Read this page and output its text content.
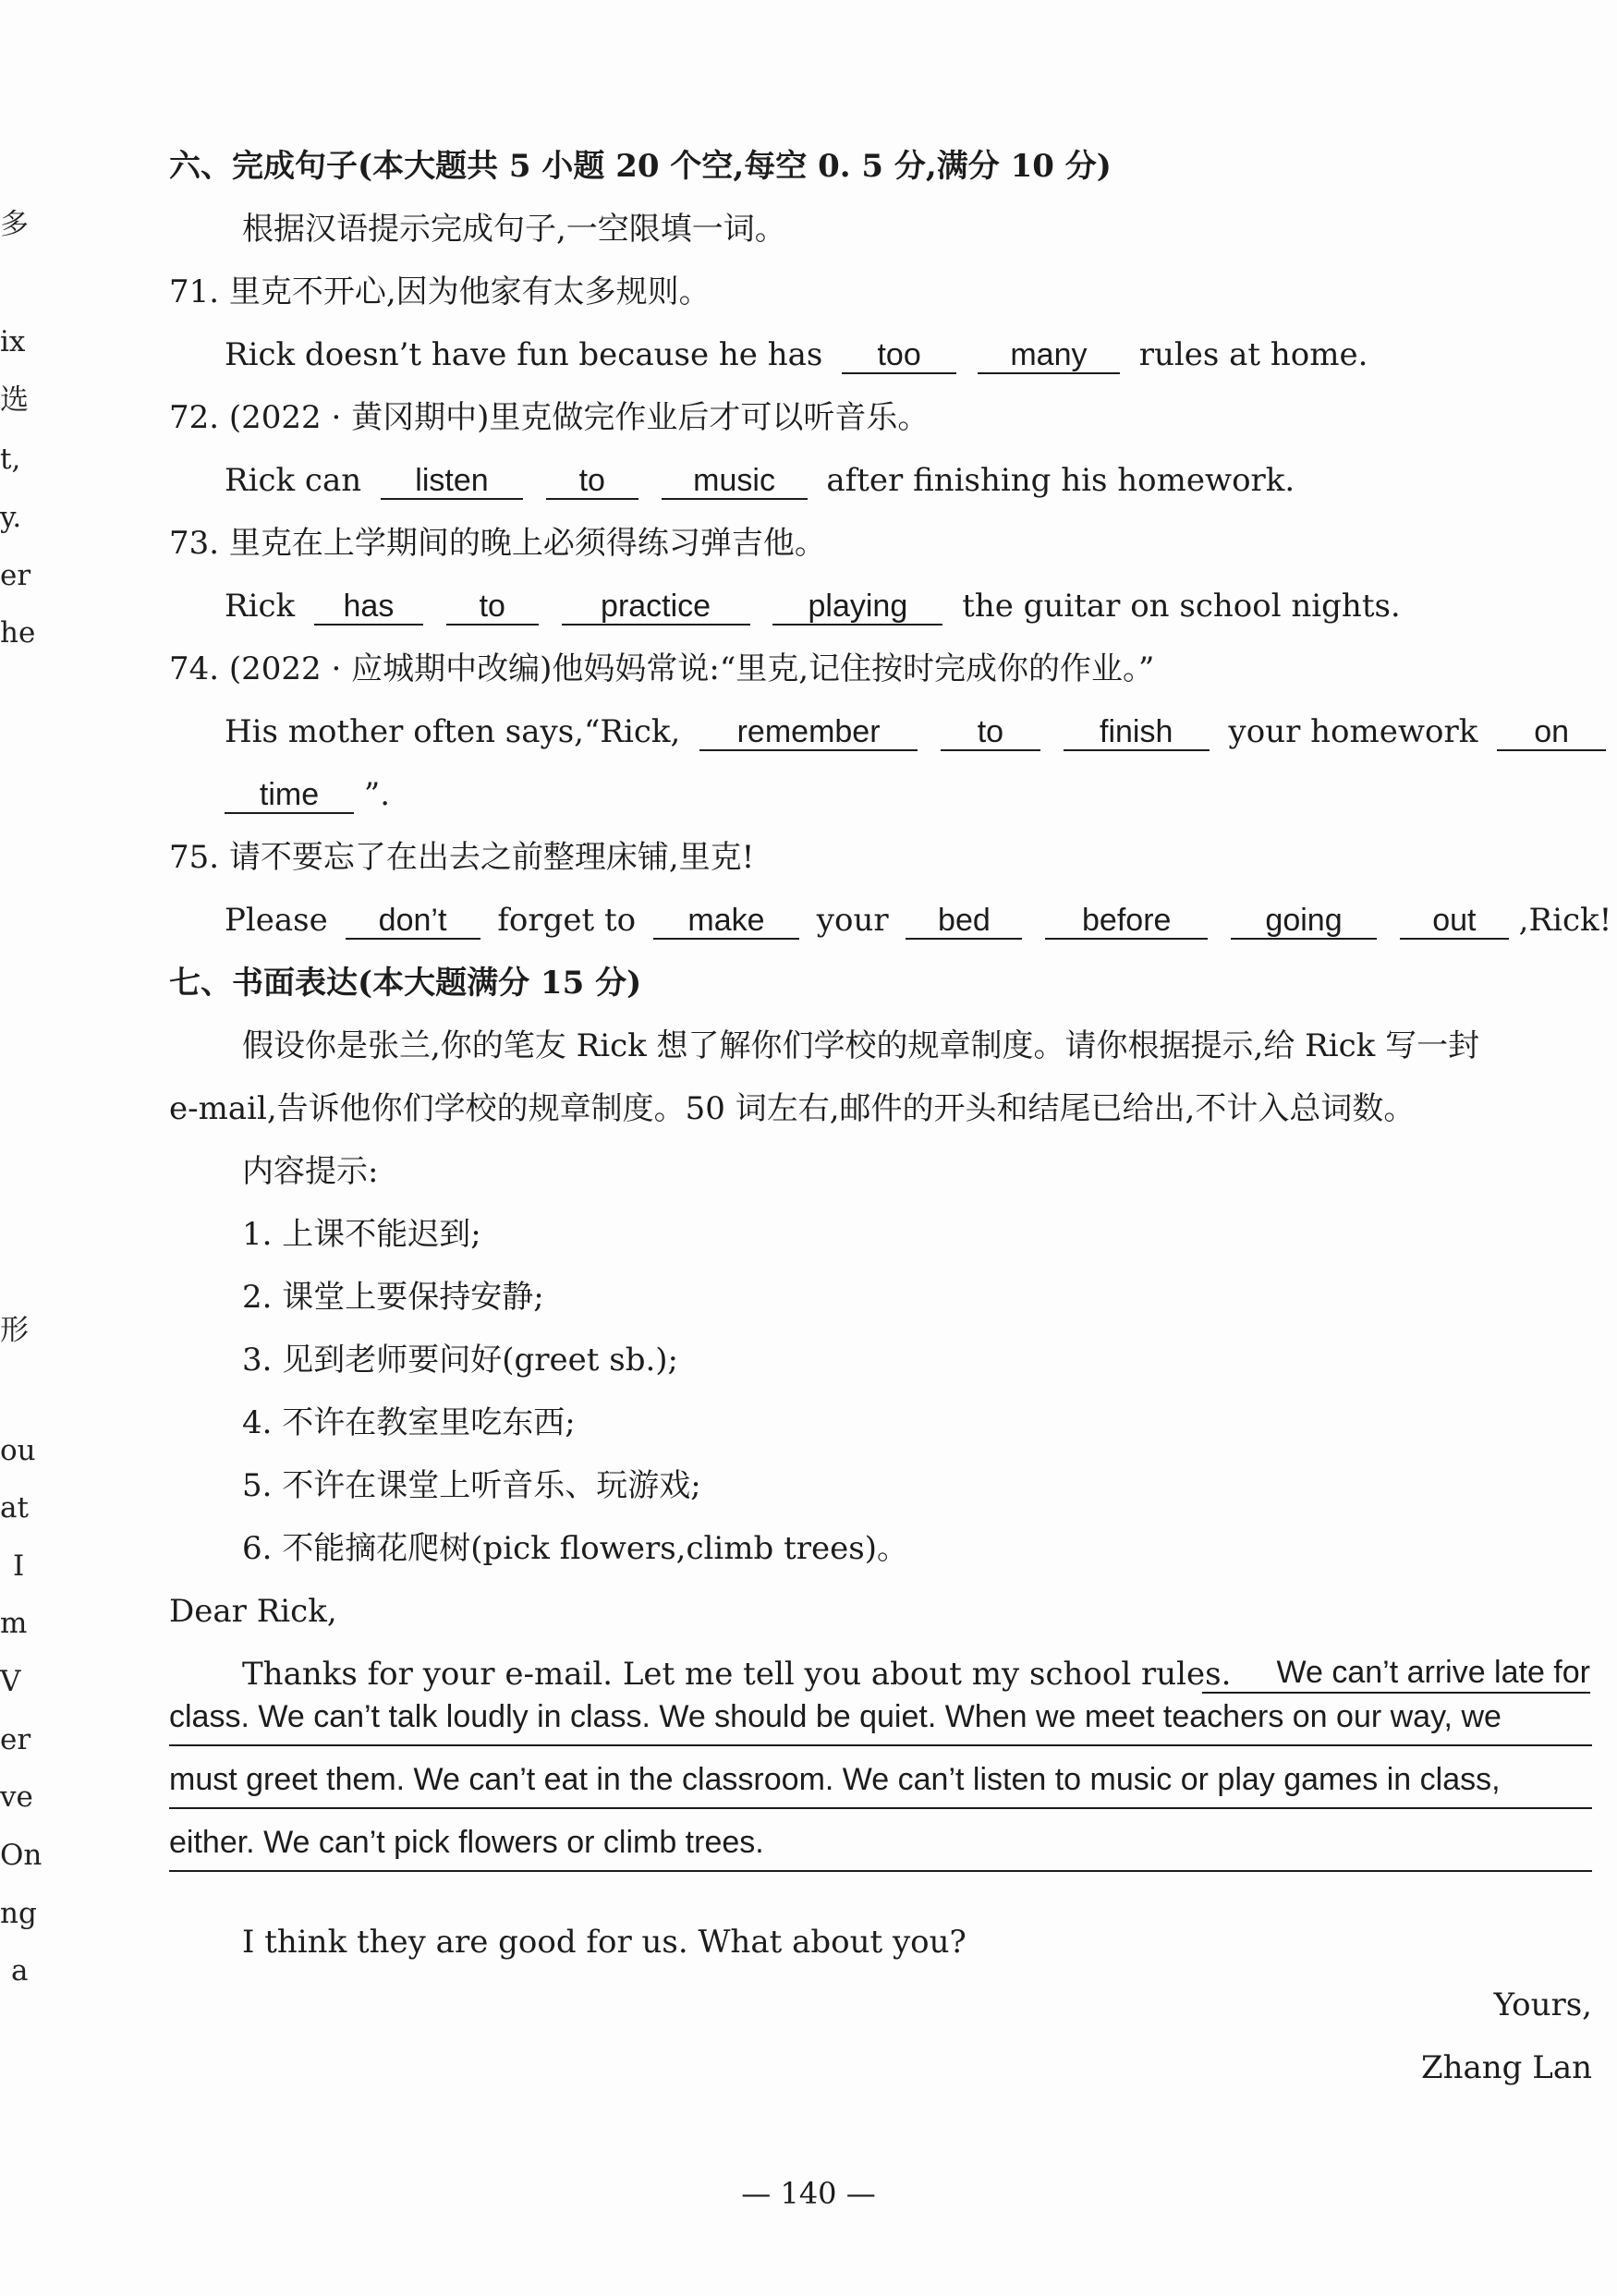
多
ix
选
t,
y.
er
he
形
ou
at
I
m
V
er
ve
On
ng
a
六、完成句子(本大题共 5 小题 20 个空,每空 0. 5 分,满分 10 分)
根据汉语提示完成句子,一空限填一词。
71. 里克不开心,因为他家有太多规则。
Rick doesn’t have fun because he has too	many rules at home.
72. (2022 · 黄冈期中)里克做完作业后才可以听音乐。
Rick can listen	to	music after finishing his homework.
73. 里克在上学期间的晚上必须得练习弹吉他。
Rick has	to	practice	playing the guitar on school nights.
74. (2022 · 应城期中改编)他妈妈常说:“里克,记住按时完成你的作业。”
His mother often says,“Rick, remember	to	finish your homework on
time ”.
75. 请不要忘了在出去之前整理床铺,里克!
Please don’t forget to make your bed	before	going	out ,Rick!
七、书面表达(本大题满分 15 分)
假设你是张兰,你的笔友 Rick 想了解你们学校的规章制度。请你根据提示,给 Rick 写一封
e-mail,告诉他你们学校的规章制度。50 词左右,邮件的开头和结尾已给出,不计入总词数。
内容提示:
1. 上课不能迟到;
2. 课堂上要保持安静;
3. 见到老师要问好(greet sb.);
4. 不许在教室里吃东西;
5. 不许在课堂上听音乐、玩游戏;
6. 不能摘花爬树(pick flowers,climb trees)。
Dear Rick,
Thanks for your e-mail. Let me tell you about my school rules.	We can’t arrive late for
class. We can’t talk loudly in class. We should be quiet. When we meet teachers on our way, we
must greet them. We can’t eat in the classroom. We can’t listen to music or play games in class,
either. We can’t pick flowers or climb trees.
I think they are good for us. What about you?
Yours,
Zhang Lan
— 140 —
